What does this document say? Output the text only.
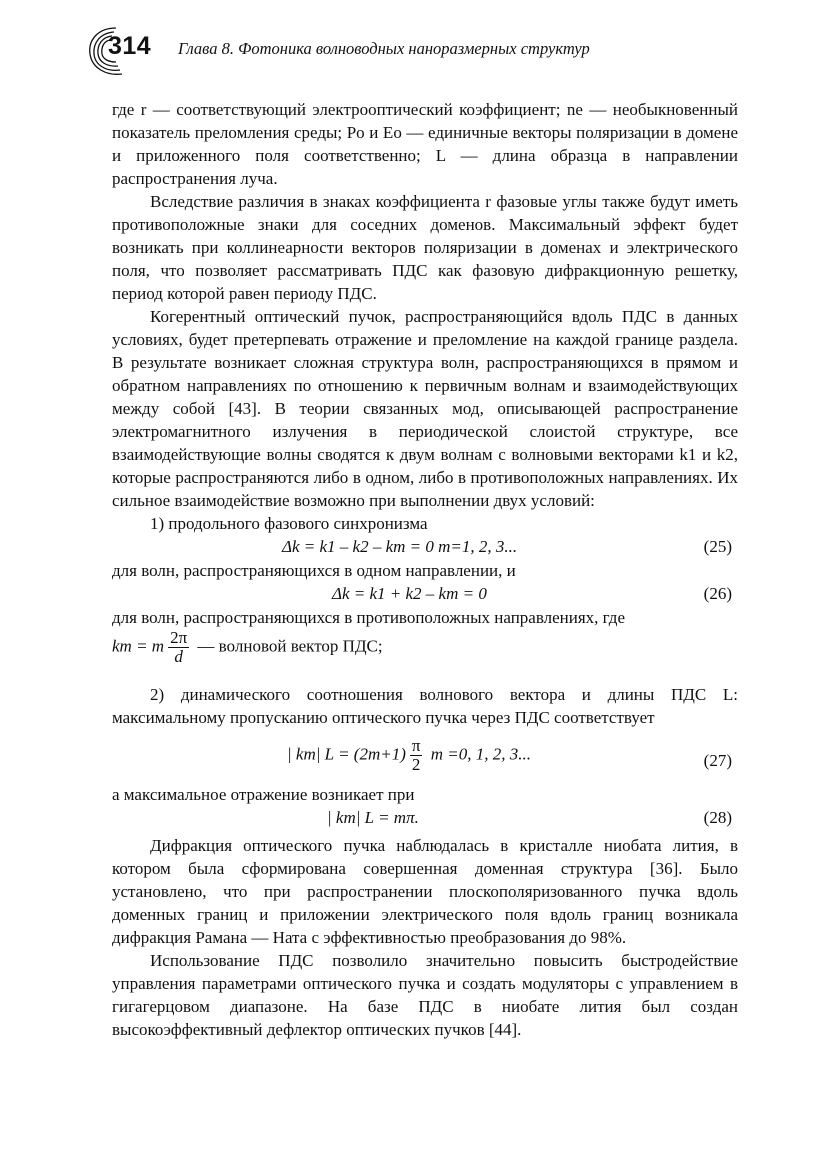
314 Глава 8. Фотоника волноводных наноразмерных структур

где r — соответствующий электрооптический коэффициент; ne — необыкновенный показатель преломления среды; Po и Eo — единичные векторы поляризации в домене и приложенного поля соответственно; L — длина образца в направлении распространения луча.

Вследствие различия в знаках коэффициента r фазовые углы также будут иметь противоположные знаки для соседних доменов. Максимальный эффект будет возникать при коллинеарности векторов поляризации в доменах и электрического поля, что позволяет рассматривать ПДС как фазовую дифракционную решетку, период которой равен периоду ПДС.

Когерентный оптический пучок, распространяющийся вдоль ПДС в данных условиях, будет претерпевать отражение и преломление на каждой границе раздела. В результате возникает сложная структура волн, распространяющихся в прямом и обратном направлениях по отношению к первичным волнам и взаимодействующих между собой [43]. В теории связанных мод, описывающей распространение электромагнитного излучения в периодической слоистой структуре, все взаимодействующие волны сводятся к двум волнам с волновыми векторами k1 и k2, которые распространяются либо в одном, либо в противоположных направлениях. Их сильное взаимодействие возможно при выполнении двух условий:

1) продольного фазового синхронизма

Δk = k1 – k2 – km = 0 m=1, 2, 3...	(25)

для волн, распространяющихся в одном направлении, и

Δk = k1 + k2 – km = 0	(26)

для волн, распространяющихся в противоположных направлениях, где

km = m $\frac{2\pi}{d}$ — волновой вектор ПДС;

2) динамического соотношения волнового вектора и длины ПДС L: максимальному пропусканию оптического пучка через ПДС соответствует

| km| $L = (2m+1) \frac{\pi}{2}$ m =0, 1, 2, 3...	(27)

а максимальное отражение возникает при

| km| L = mπ.	(28)

Дифракция оптического пучка наблюдалась в кристалле ниобата лития, в котором была сформирована совершенная доменная структура [36]. Было установлено, что при распространении плоскополяризованного пучка вдоль доменных границ и приложении электрического поля вдоль границ возникала дифракция Рамана — Ната с эффективностью преобразования до 98%.

Использование ПДС позволило значительно повысить быстродействие управления параметрами оптического пучка и создать модуляторы с управлением в гигагерцовом диапазоне. На базе ПДС в ниобате лития был создан высокоэффективный дефлектор оптических пучков [44].
